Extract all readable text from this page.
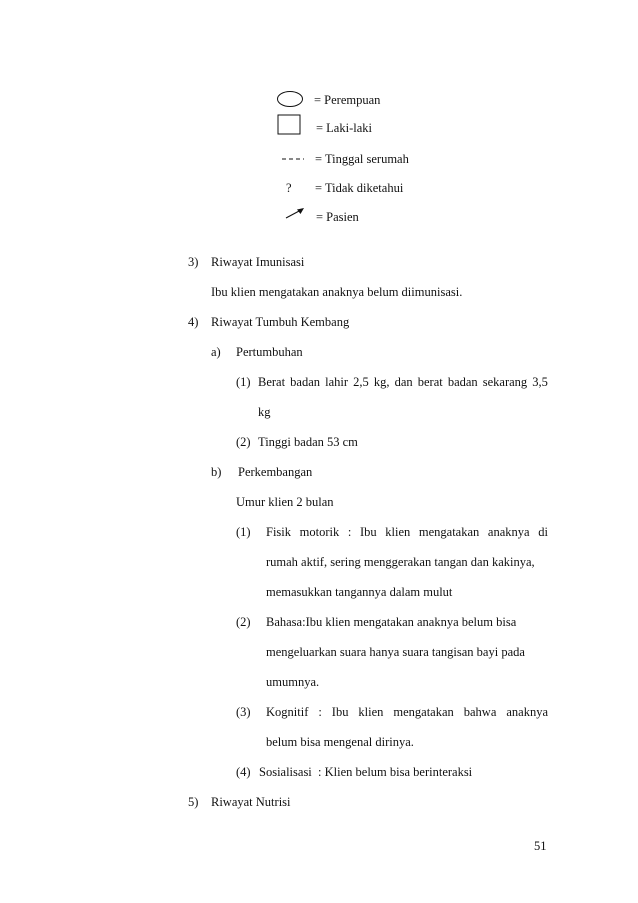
= Perempuan
= Laki-laki
= Tinggal serumah
? = Tidak diketahui
= Pasien
3) Riwayat Imunisasi
Ibu klien mengatakan anaknya belum diimunisasi.
4) Riwayat Tumbuh Kembang
a) Pertumbuhan
(1) Berat badan lahir 2,5 kg, dan berat badan sekarang 3,5
kg
(2) Tinggi badan 53 cm
b) Perkembangan
Umur klien 2 bulan
(1) Fisik motorik : Ibu klien mengatakan anaknya di
rumah aktif, sering menggerakan tangan dan kakinya,
memasukkan tangannya dalam mulut
(2) Bahasa:Ibu klien mengatakan anaknya belum bisa
mengeluarkan suara hanya suara tangisan bayi pada
umumnya.
(3) Kognitif : Ibu klien mengatakan bahwa anaknya
belum bisa mengenal dirinya.
(4) Sosialisasi  : Klien belum bisa berinteraksi
5) Riwayat Nutrisi
51
